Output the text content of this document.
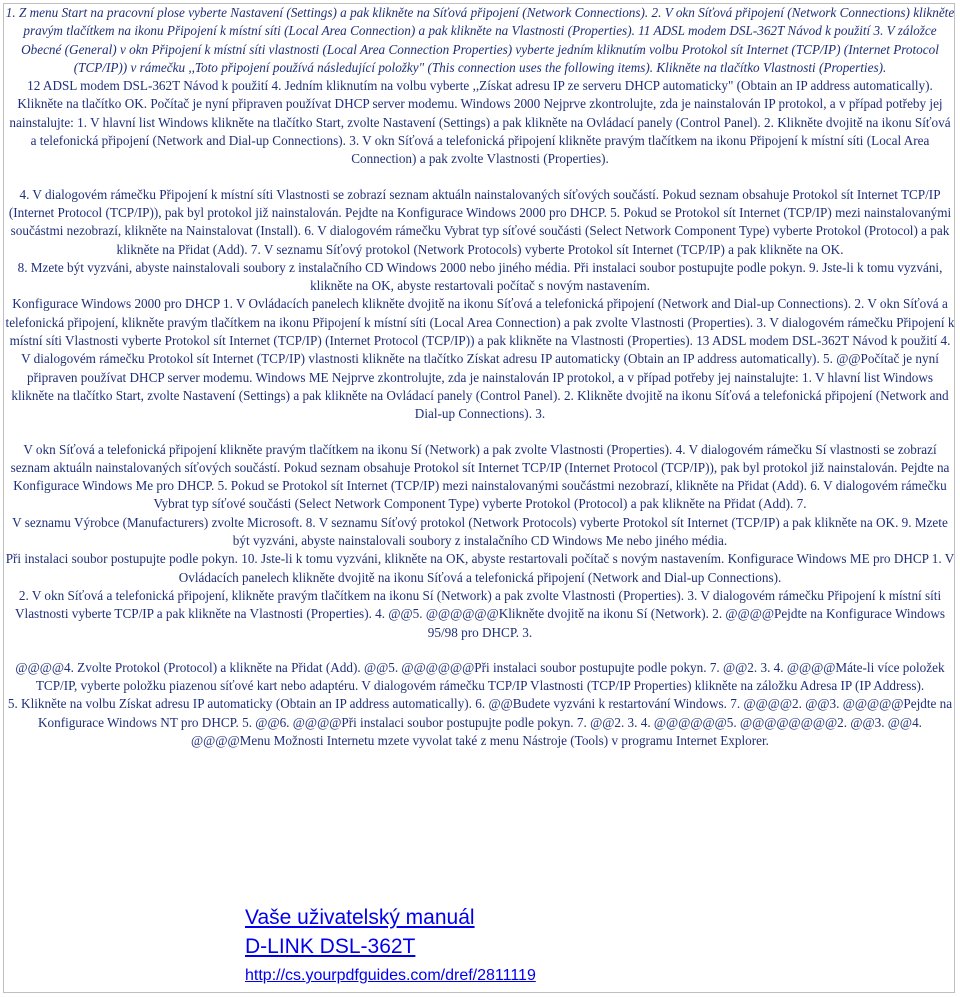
1. Z menu Start na pracovní plose vyberte Nastavení (Settings) a pak klikněte na Síťová připojení (Network Connections). 2. V okn Síťová připojení (Network Connections) klikněte pravým tlačítkem na ikonu Připojení k místní síti (Local Area Connection) a pak klikněte na Vlastnosti (Properties). 11 ADSL modem DSL-362T Návod k použití 3. V záložce Obecné (General) v okn Připojení k místní síti vlastnosti (Local Area Connection Properties) vyberte jedním kliknutím volbu Protokol sít Internet (TCP/IP) (Internet Protocol (TCP/IP)) v rámečku ,,Toto připojení používá následující položky" (This connection uses the following items). Klikněte na tlačítko Vlastnosti (Properties).

12 ADSL modem DSL-362T Návod k použití 4. Jedním kliknutím na volbu vyberte ,,Získat adresu IP ze serveru DHCP automaticky" (Obtain an IP address automatically). Klikněte na tlačítko OK. Počítač je nyní připraven používat DHCP server modemu. Windows 2000 Nejprve zkontrolujte, zda je nainstalován IP protokol, a v případ potřeby jej nainstalujte: 1. V hlavní list Windows klikněte na tlačítko Start, zvolte Nastavení (Settings) a pak klikněte na Ovládací panely (Control Panel). 2. Klikněte dvojitě na ikonu Síťová a telefonická připojení (Network and Dial-up Connections). 3. V okn Síťová a telefonická připojení klikněte pravým tlačítkem na ikonu Připojení k místní síti (Local Area Connection) a pak zvolte Vlastnosti (Properties).

4. V dialogovém rámečku Připojení k místní síti Vlastnosti se zobrazí seznam aktuáln nainstalovaných síťových součástí. Pokud seznam obsahuje Protokol sít Internet TCP/IP (Internet Protocol (TCP/IP)), pak byl protokol již nainstalován. Pejdte na Konfigurace Windows 2000 pro DHCP. 5. Pokud se Protokol sít Internet (TCP/IP) mezi nainstalovanými součástmi nezobrazí, klikněte na Nainstalovat (Install). 6. V dialogovém rámečku Vybrat typ síťové součásti (Select Network Component Type) vyberte Protokol (Protocol) a pak klikněte na Přidat (Add). 7. V seznamu Síťový protokol (Network Protocols) vyberte Protokol sít Internet (TCP/IP) a pak klikněte na OK.

8. Mzete být vyzváni, abyste nainstalovali soubory z instalačního CD Windows 2000 nebo jiného média. Při instalaci soubor postupujte podle pokyn. 9. Jste-li k tomu vyzváni, klikněte na OK, abyste restartovali počítač s novým nastavením.

Konfigurace Windows 2000 pro DHCP 1. V Ovládacích panelech klikněte dvojitě na ikonu Síťová a telefonická připojení (Network and Dial-up Connections). 2. V okn Síťová a telefonická připojení, klikněte pravým tlačítkem na ikonu Připojení k místní síti (Local Area Connection) a pak zvolte Vlastnosti (Properties). 3. V dialogovém rámečku Připojení k místní síti Vlastnosti vyberte Protokol sít Internet (TCP/IP) (Internet Protocol (TCP/IP)) a pak klikněte na Vlastnosti (Properties). 13 ADSL modem DSL-362T Návod k použití 4. V dialogovém rámečku Protokol sít Internet (TCP/IP) vlastnosti klikněte na tlačítko Získat adresu IP automaticky (Obtain an IP address automatically). 5. @@Počítač je nyní připraven používat DHCP server modemu. Windows ME Nejprve zkontrolujte, zda je nainstalován IP protokol, a v případ potřeby jej nainstalujte: 1. V hlavní list Windows klikněte na tlačítko Start, zvolte Nastavení (Settings) a pak klikněte na Ovládací panely (Control Panel). 2. Klikněte dvojitě na ikonu Síťová a telefonická připojení (Network and Dial-up Connections). 3.

V okn Síťová a telefonická připojení klikněte pravým tlačítkem na ikonu Sí (Network) a pak zvolte Vlastnosti (Properties). 4. V dialogovém rámečku Sí vlastnosti se zobrazí seznam aktuáln nainstalovaných síťových součástí. Pokud seznam obsahuje Protokol sít Internet TCP/IP (Internet Protocol (TCP/IP)), pak byl protokol již nainstalován. Pejdte na Konfigurace Windows Me pro DHCP. 5. Pokud se Protokol sít Internet (TCP/IP) mezi nainstalovanými součástmi nezobrazí, klikněte na Přidat (Add). 6. V dialogovém rámečku Vybrat typ síťové součásti (Select Network Component Type) vyberte Protokol (Protocol) a pak klikněte na Přidat (Add). 7.

V seznamu Výrobce (Manufacturers) zvolte Microsoft. 8. V seznamu Síťový protokol (Network Protocols) vyberte Protokol sít Internet (TCP/IP) a pak klikněte na OK. 9. Mzete být vyzváni, abyste nainstalovali soubory z instalačního CD Windows Me nebo jiného média.

Při instalaci soubor postupujte podle pokyn. 10. Jste-li k tomu vyzváni, klikněte na OK, abyste restartovali počítač s novým nastavením. Konfigurace Windows ME pro DHCP 1. V Ovládacích panelech klikněte dvojitě na ikonu Síťová a telefonická připojení (Network and Dial-up Connections).

2. V okn Síťová a telefonická připojení, klikněte pravým tlačítkem na ikonu Sí (Network) a pak zvolte Vlastnosti (Properties). 3. V dialogovém rámečku Připojení k místní síti Vlastnosti vyberte TCP/IP a pak klikněte na Vlastnosti (Properties). 4. @@5. @@@@@@Klikněte dvojitě na ikonu Sí (Network). 2. @@@@Pejdte na Konfigurace Windows 95/98 pro DHCP. 3.

@@@@4. Zvolte Protokol (Protocol) a klikněte na Přidat (Add). @@5. @@@@@@Při instalaci soubor postupujte podle pokyn. 7. @@2. 3. 4. @@@@Máte-li více položek TCP/IP, vyberte položku piazenou síťové kart nebo adaptéru. V dialogovém rámečku TCP/IP Vlastnosti (TCP/IP Properties) klikněte na záložku Adresa IP (IP Address).

5. Klikněte na volbu Získat adresu IP automaticky (Obtain an IP address automatically). 6. @@Budete vyzváni k restartování Windows. 7. @@@@2. @@3. @@@@@Pejdte na Konfigurace Windows NT pro DHCP. 5. @@6. @@@@Při instalaci soubor postupujte podle pokyn. 7. @@2. 3. 4. @@@@@@5. @@@@@@@@2. @@3. @@4. @@@@Menu Možnosti Internetu mzete vyvolat také z menu Nástroje (Tools) v programu Internet Explorer.

Vaše uživatelský manuál
D-LINK DSL-362T
http://cs.yourpdfguides.com/dref/2811119
